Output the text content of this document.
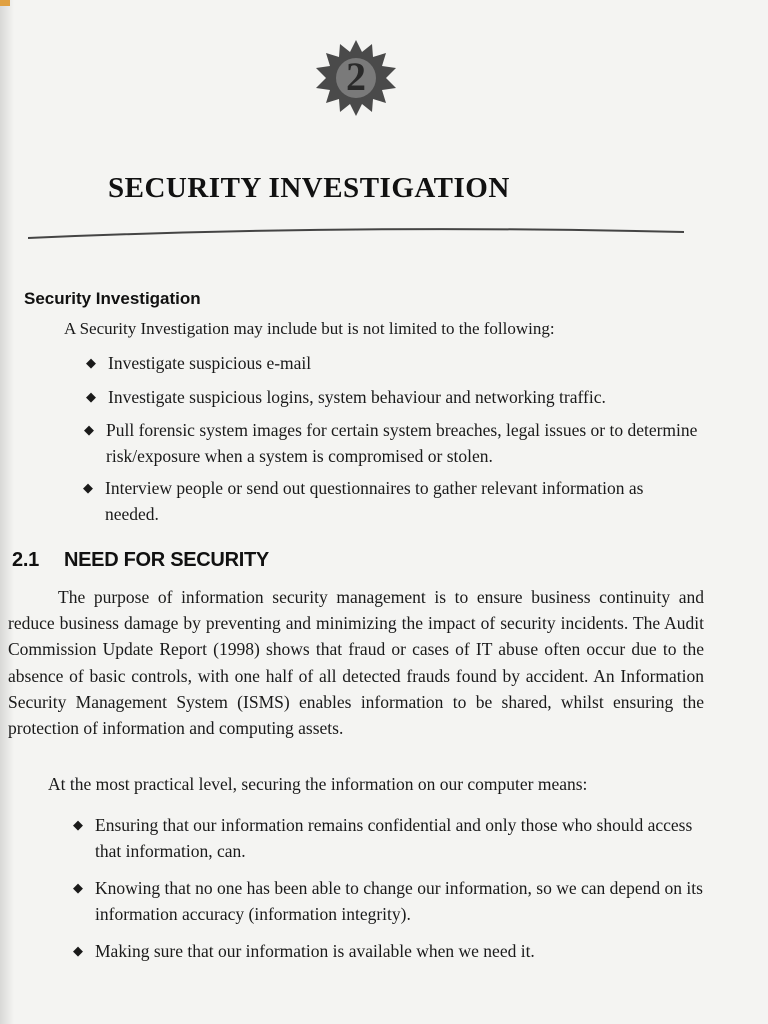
2
SECURITY INVESTIGATION
Security Investigation

A Security Investigation may include but is not limited to the following:

◆ Investigate suspicious e-mail
◆ Investigate suspicious logins, system behaviour and networking traffic.
◆ Pull forensic system images for certain system breaches, legal issues or to determine risk/exposure when a system is compromised or stolen.
◆ Interview people or send out questionnaires to gather relevant information as needed.
2.1 NEED FOR SECURITY

The purpose of information security management is to ensure business continuity and reduce business damage by preventing and minimizing the impact of security incidents. The Audit Commission Update Report (1998) shows that fraud or cases of IT abuse often occur due to the absence of basic controls, with one half of all detected frauds found by accident. An Information Security Management System (ISMS) enables information to be shared, whilst ensuring the protection of information and computing assets.

At the most practical level, securing the information on our computer means:

◆ Ensuring that our information remains confidential and only those who should access that information, can.
◆ Knowing that no one has been able to change our information, so we can depend on its information accuracy (information integrity).
◆ Making sure that our information is available when we need it.
